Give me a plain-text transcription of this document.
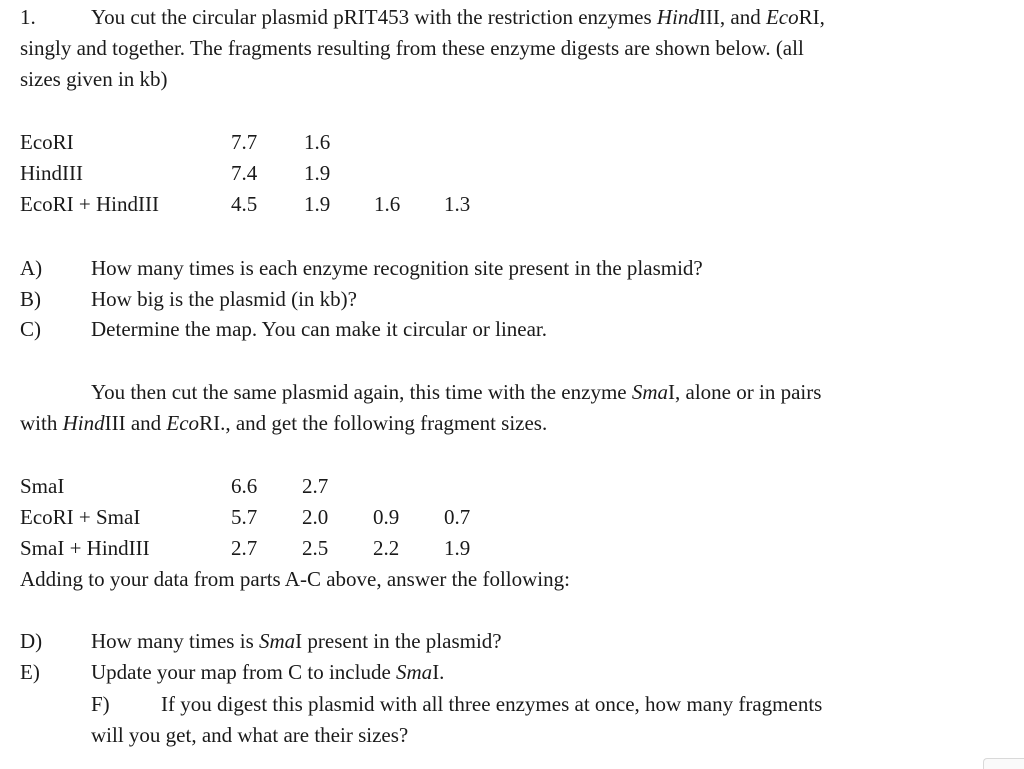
1.	You cut the circular plasmid pRIT453 with the restriction enzymes HindIII, and EcoRI,
singly and together. The fragments resulting from these enzyme digests are shown below. (all
sizes given in kb)
EcoRI	7.7 1.6
HindIII	7.4 1.9
EcoRI + HindIII	4.5 1.9 1.6 1.3
A) How many times is each enzyme recognition site present in the plasmid?
B) How big is the plasmid (in kb)?
C) Determine the map. You can make it circular or linear.
You then cut the same plasmid again, this time with the enzyme SmaI, alone or in pairs
with HindIII and EcoRI., and get the following fragment sizes.
SmaI	6.6 2.7
EcoRI + SmaI	5.7 2.0 0.9 0.7
SmaI + HindIII	2.7 2.5 2.2 1.9
Adding to your data from parts A-C above, answer the following:
D) How many times is SmaI present in the plasmid?
E) Update your map from C to include SmaI.
F) If you digest this plasmid with all three enzymes at once, how many fragments
will you get, and what are their sizes?
